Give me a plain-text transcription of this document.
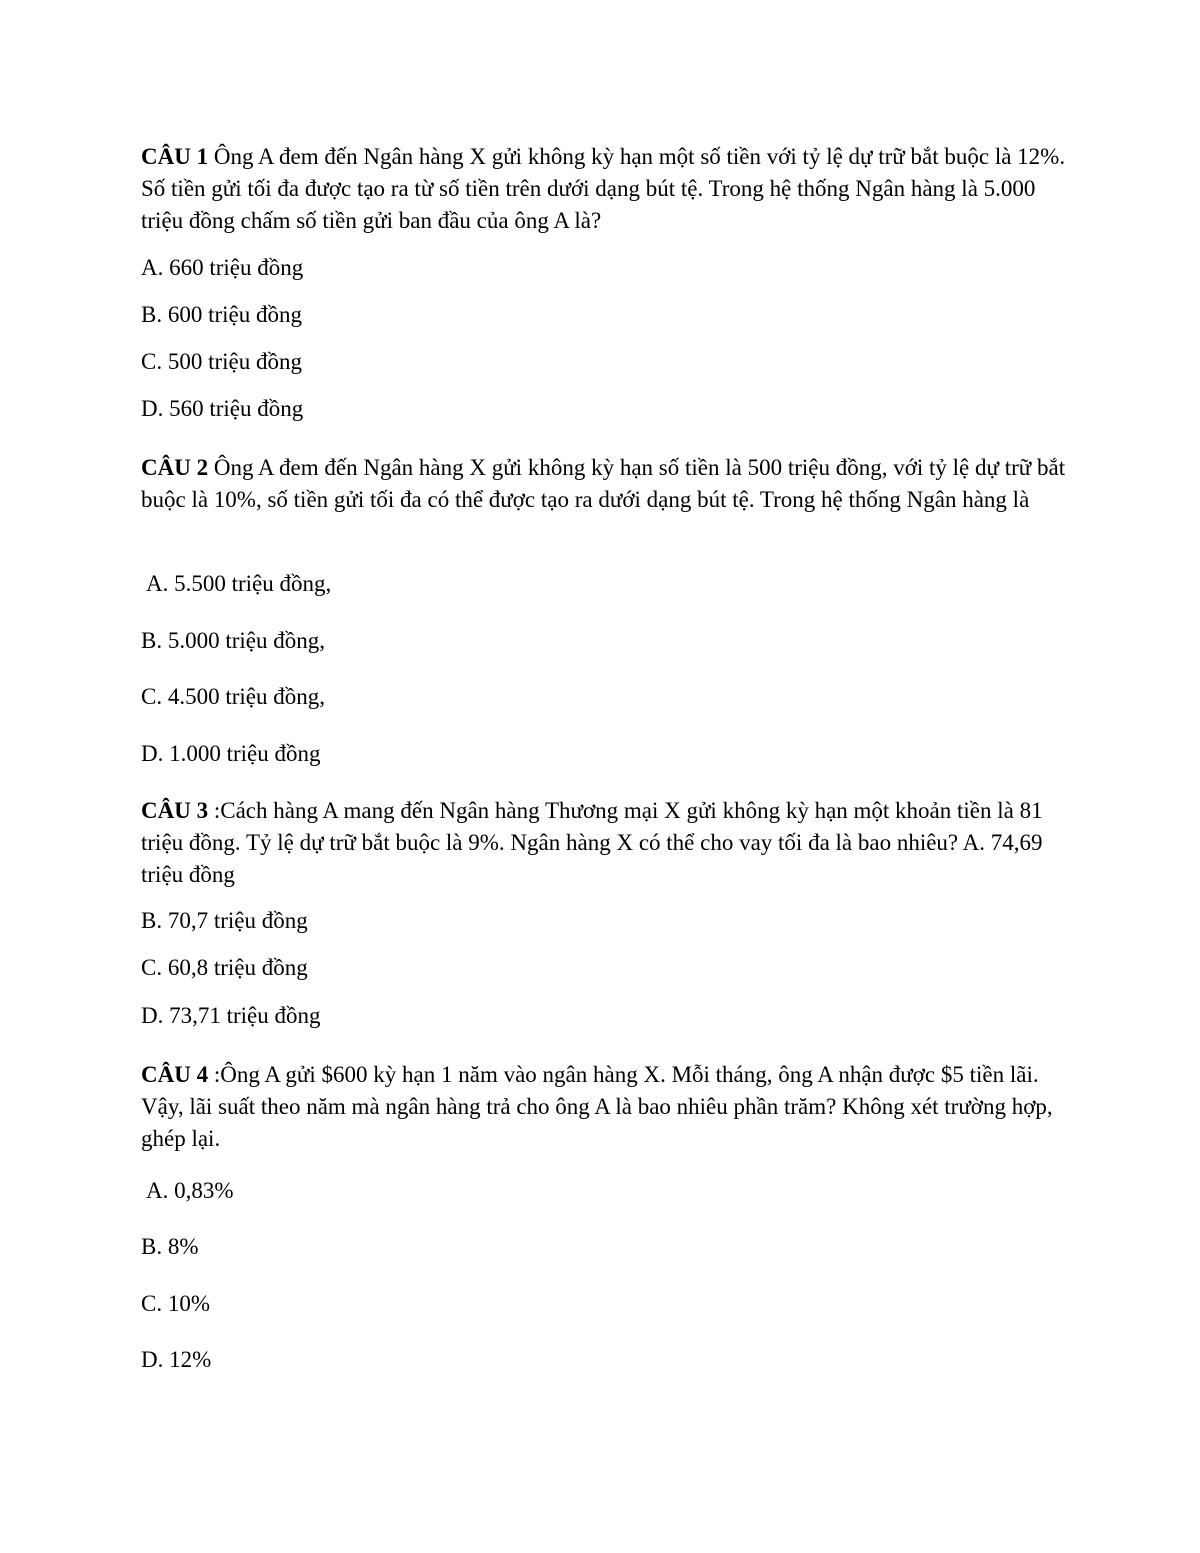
CÂU 1 Ông A đem đến Ngân hàng X gửi không kỳ hạn một số tiền với tỷ lệ dự trữ bắt buộc là 12%. Số tiền gửi tối đa được tạo ra từ số tiền trên dưới dạng bút tệ. Trong hệ thống Ngân hàng là 5.000 triệu đồng chấm số tiền gửi ban đầu của ông A là?

A. 660 triệu đồng

B. 600 triệu đồng

C. 500 triệu đồng

D. 560 triệu đồng

CÂU 2 Ông A đem đến Ngân hàng X gửi không kỳ hạn số tiền là 500 triệu đồng, với tỷ lệ dự trữ bắt buộc là 10%, số tiền gửi tối đa có thể được tạo ra dưới dạng bút tệ. Trong hệ thống Ngân hàng là

A. 5.500 triệu đồng,

B. 5.000 triệu đồng,

C. 4.500 triệu đồng,

D. 1.000 triệu đồng

CÂU 3 :Cách hàng A mang đến Ngân hàng Thương mại X gửi không kỳ hạn một khoản tiền là 81 triệu đồng. Tỷ lệ dự trữ bắt buộc là 9%. Ngân hàng X có thể cho vay tối đa là bao nhiêu? A. 74,69 triệu đồng

B. 70,7 triệu đồng

C. 60,8 triệu đồng

D. 73,71 triệu đồng

CÂU 4 :Ông A gửi $600 kỳ hạn 1 năm vào ngân hàng X. Mỗi tháng, ông A nhận được $5 tiền lãi. Vậy, lãi suất theo năm mà ngân hàng trả cho ông A là bao nhiêu phần trăm? Không xét trường hợp, ghép lại.

A. 0,83%

B. 8%

C. 10%

D. 12%
